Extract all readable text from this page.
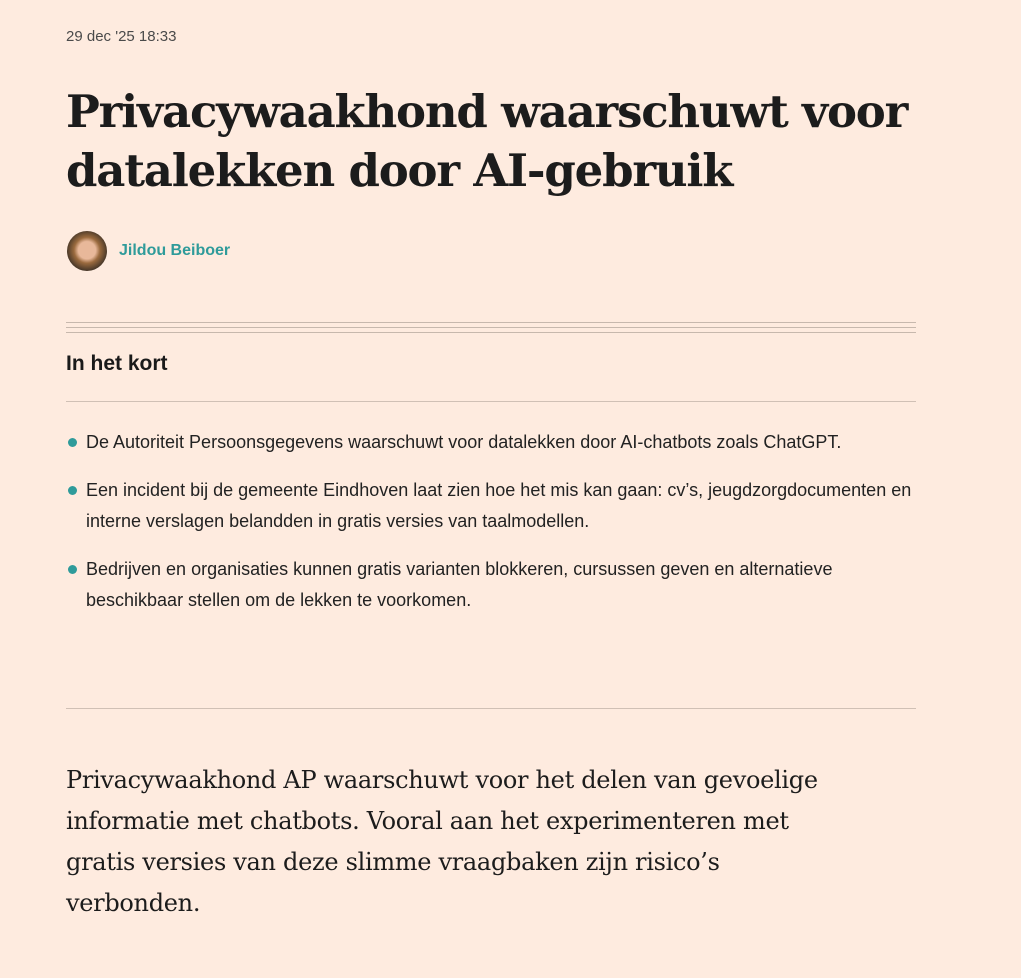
29 dec '25 18:33
Privacywaakhond waarschuwt voor datalekken door AI-gebruik
Jildou Beiboer
In het kort
De Autoriteit Persoonsgegevens waarschuwt voor datalekken door AI-chatbots zoals ChatGPT.
Een incident bij de gemeente Eindhoven laat zien hoe het mis kan gaan: cv’s, jeugdzorgdocumenten en interne verslagen belandden in gratis versies van taalmodellen.
Bedrijven en organisaties kunnen gratis varianten blokkeren, cursussen geven en alternatieve beschikbaar stellen om de lekken te voorkomen.

Privacywaakhond AP waarschuwt voor het delen van gevoelige informatie met chatbots. Vooral aan het experimenteren met gratis versies van deze slimme vraagbaken zijn risico’s verbonden.
